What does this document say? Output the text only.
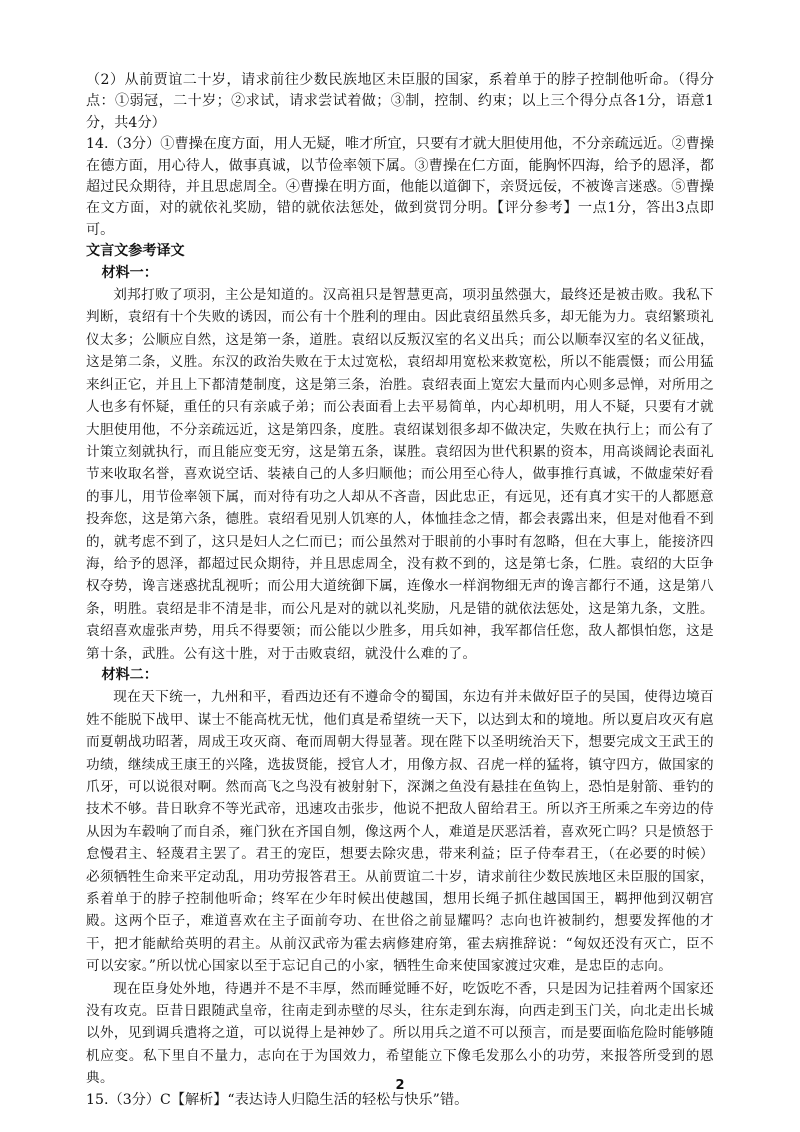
（2）从前贾谊二十岁，请求前往少数民族地区未臣服的国家，系着单于的脖子控制他听命。（得分点：①弱冠，二十岁；②求试，请求尝试着做；③制，控制、约束；以上三个得分点各1分，语意1分，共4分）

14.（3分）①曹操在度方面，用人无疑，唯才所宜，只要有才就大胆使用他，不分亲疏远近。②曹操在德方面，用心待人，做事真诚，以节俭率领下属。③曹操在仁方面，能胸怀四海，给予的恩泽，都超过民众期待，并且思虑周全。④曹操在明方面，他能以道御下，亲贤远佞，不被谗言迷惑。⑤曹操在文方面，对的就依礼奖励，错的就依法惩处，做到赏罚分明。【评分参考】一点1分，答出3点即可。

文言文参考译文

材料一：

刘邦打败了项羽，主公是知道的。汉高祖只是智慧更高，项羽虽然强大，最终还是被击败。我私下判断，袁绍有十个失败的诱因，而公有十个胜利的理由。因此袁绍虽然兵多，却无能为力。袁绍繁琐礼仪太多；公顺应自然，这是第一条，道胜。袁绍以反叛汉室的名义出兵；而公以顺奉汉室的名义征战，这是第二条，义胜。东汉的政治失败在于太过宽松，袁绍却用宽松来救宽松，所以不能震慑；而公用猛来纠正它，并且上下都清楚制度，这是第三条，治胜。袁绍表面上宽宏大量而内心则多忌惮，对所用之人也多有怀疑，重任的只有亲戚子弟；而公表面看上去平易简单，内心却机明，用人不疑，只要有才就大胆使用他，不分亲疏远近，这是第四条，度胜。袁绍谋划很多却不做决定，失败在执行上；而公有了计策立刻就执行，而且能应变无穷，这是第五条，谋胜。袁绍因为世代积累的资本，用高谈阔论表面礼节来收取名誉，喜欢说空话、装裱自己的人多归顺他；而公用至心待人，做事推行真诚，不做虚荣好看的事儿，用节俭率领下属，而对待有功之人却从不吝啬，因此忠正，有远见，还有真才实干的人都愿意投奔您，这是第六条，德胜。袁绍看见别人饥寒的人，体恤挂念之情，都会表露出来，但是对他看不到的，就考虑不到了，这只是妇人之仁而已；而公虽然对于眼前的小事时有忽略，但在大事上，能接济四海，给予的恩泽，都超过民众期待，并且思虑周全，没有救不到的，这是第七条，仁胜。袁绍的大臣争权夺势，谗言迷惑扰乱视听；而公用大道统御下属，连像水一样润物细无声的谗言都行不通，这是第八条，明胜。袁绍是非不清是非，而公凡是对的就以礼奖励，凡是错的就依法惩处，这是第九条，文胜。袁绍喜欢虚张声势，用兵不得要领；而公能以少胜多，用兵如神，我军都信任您，敌人都惧怕您，这是第十条，武胜。公有这十胜，对于击败袁绍，就没什么难的了。

材料二：

现在天下统一，九州和平，看西边还有不遵命令的蜀国，东边有并未做好臣子的吴国，使得边境百姓不能脱下战甲、谋士不能高枕无忧，他们真是希望统一天下，以达到太和的境地。所以夏启攻灭有扈而夏朝战功昭著，周成王攻灭商、奄而周朝大得显著。现在陛下以圣明统治天下，想要完成文王武王的功绩，继续成王康王的兴隆，选拔贤能，授官人才，用像方叔、召虎一样的猛将，镇守四方，做国家的爪牙，可以说很对啊。然而高飞之鸟没有被射射下，深渊之鱼没有悬挂在鱼钩上，恐怕是射箭、垂钓的技术不够。昔日耿弇不等光武帝，迅速攻击张步，他说不把敌人留给君王。所以齐王所乘之车旁边的侍从因为车毂响了而自杀，雍门狄在齐国自刎，像这两个人，难道是厌恶活着，喜欢死亡吗？只是愤怒于怠慢君主、轻蔑君主罢了。君王的宠臣，想要去除灾患，带来利益；臣子侍奉君王，（在必要的时候）必须牺牲生命来平定动乱，用功劳报答君王。从前贾谊二十岁，请求前往少数民族地区未臣服的国家，系着单于的脖子控制他听命；终军在少年时候出使越国，想用长绳子抓住越国国王，羁押他到汉朝宫殿。这两个臣子，难道喜欢在主子面前夸功、在世俗之前显耀吗？志向也许被制约，想要发挥他的才干，把才能献给英明的君主。从前汉武帝为霍去病修建府第，霍去病推辞说：“匈奴还没有灭亡，臣不可以安家。”所以忧心国家以至于忘记自己的小家，牺牲生命来使国家渡过灾难，是忠臣的志向。

现在臣身处外地，待遇并不是不丰厚，然而睡觉睡不好，吃饭吃不香，只是因为记挂着两个国家还没有攻克。臣昔日跟随武皇帝，往南走到赤壁的尽头，往东走到东海，向西走到玉门关，向北走出长城以外，见到调兵遣将之道，可以说得上是神妙了。所以用兵之道不可以预言，而是要面临危险时能够随机应变。私下里自不量力，志向在于为国效力，希望能立下像毛发那么小的功劳，来报答所受到的恩典。

15.（3分）C【解析】“表达诗人归隐生活的轻松与快乐”错。

2
